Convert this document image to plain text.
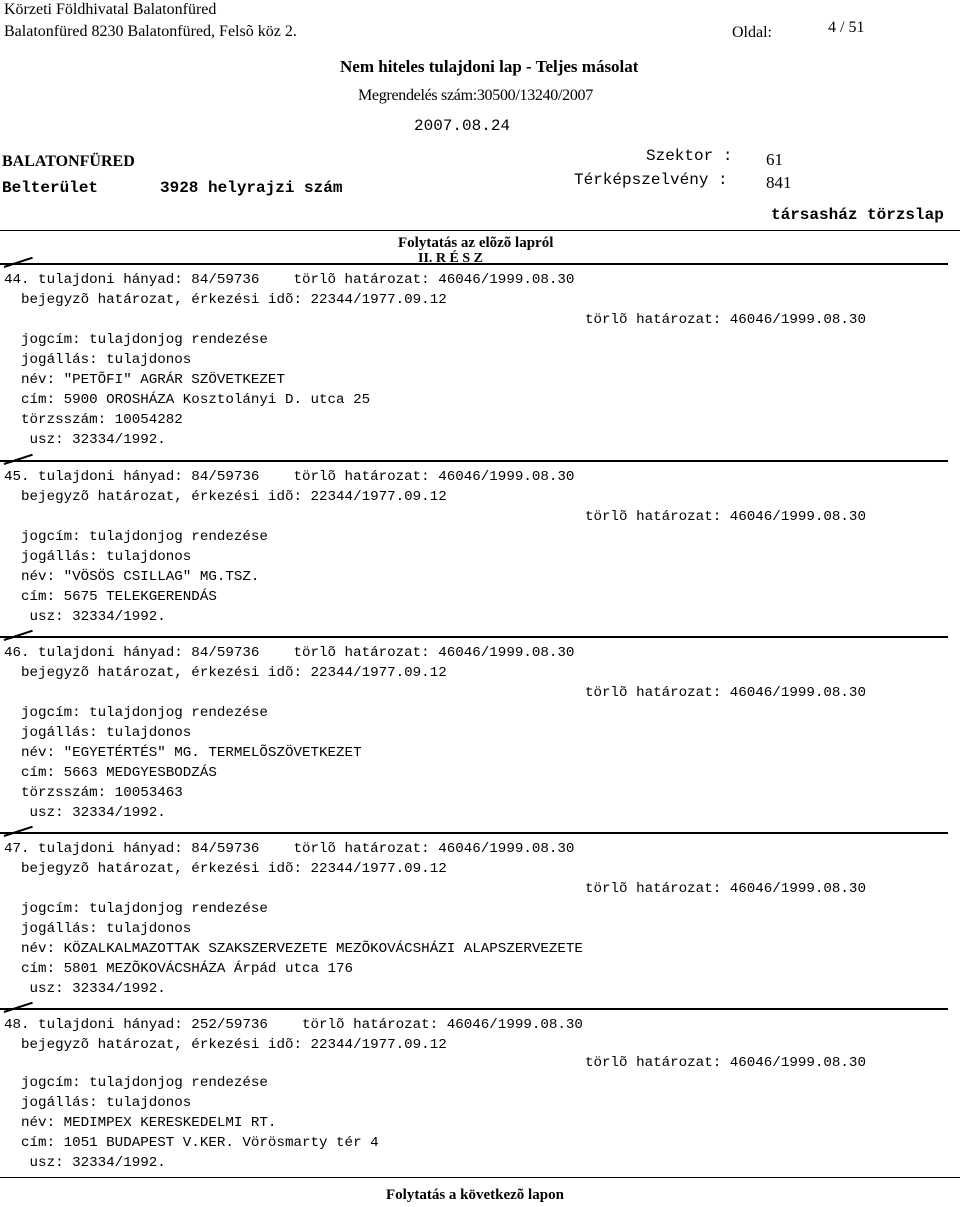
Körzeti Földhivatal Balatonfüred
Balatonfüred 8230 Balatonfüred, Felsõ köz 2.	Oldal:	4 / 51
Nem hiteles tulajdoni lap - Teljes másolat
Megrendelés szám:30500/13240/2007
2007.08.24
BALATONFÜRED
Belterület	3928 helyrajzi szám
Szektor : 61
Térképszelvény : 841
társasház törzslap
Folytatás az elõzõ lapról
II. R É S Z
44. tulajdoni hányad: 84/59736    törlõ határozat: 46046/1999.08.30
bejegyzõ határozat, érkezési idõ: 22344/1977.09.12
törlõ határozat: 46046/1999.08.30
jogcím: tulajdonjog rendezése
jogállás: tulajdonos
név: "PETÕFI" AGRÁR SZÖVETKEZET
cím: 5900 OROSHÁZA Kosztolányi D. utca 25
törzsszám: 10054282
usz: 32334/1992.
45. tulajdoni hányad: 84/59736    törlõ határozat: 46046/1999.08.30
bejegyzõ határozat, érkezési idõ: 22344/1977.09.12
törlõ határozat: 46046/1999.08.30
jogcím: tulajdonjog rendezése
jogállás: tulajdonos
név: "VÖSÖS CSILLAG" MG.TSZ.
cím: 5675 TELEKGERENDÁS
usz: 32334/1992.
46. tulajdoni hányad: 84/59736    törlõ határozat: 46046/1999.08.30
bejegyzõ határozat, érkezési idõ: 22344/1977.09.12
törlõ határozat: 46046/1999.08.30
jogcím: tulajdonjog rendezése
jogállás: tulajdonos
név: "EGYETÉRTÉS" MG. TERMELÕSZÖVETKEZET
cím: 5663 MEDGYESBODZÁS
törzsszám: 10053463
usz: 32334/1992.
47. tulajdoni hányad: 84/59736    törlõ határozat: 46046/1999.08.30
bejegyzõ határozat, érkezési idõ: 22344/1977.09.12
törlõ határozat: 46046/1999.08.30
jogcím: tulajdonjog rendezése
jogállás: tulajdonos
név: KÖZALKALMAZOTTAK SZAKSZERVEZETE MEZÕKOVÁCSHÁZI ALAPSZERVEZETE
cím: 5801 MEZÕKOVÁCSHÁZA Árpád utca 176
usz: 32334/1992.
48. tulajdoni hányad: 252/59736    törlõ határozat: 46046/1999.08.30
bejegyzõ határozat, érkezési idõ: 22344/1977.09.12
törlõ határozat: 46046/1999.08.30
jogcím: tulajdonjog rendezése
jogállás: tulajdonos
név: MEDIMPEX KERESKEDELMI RT.
cím: 1051 BUDAPEST V.KER. Vörösmarty tér 4
usz: 32334/1992.
Folytatás a következõ lapon
